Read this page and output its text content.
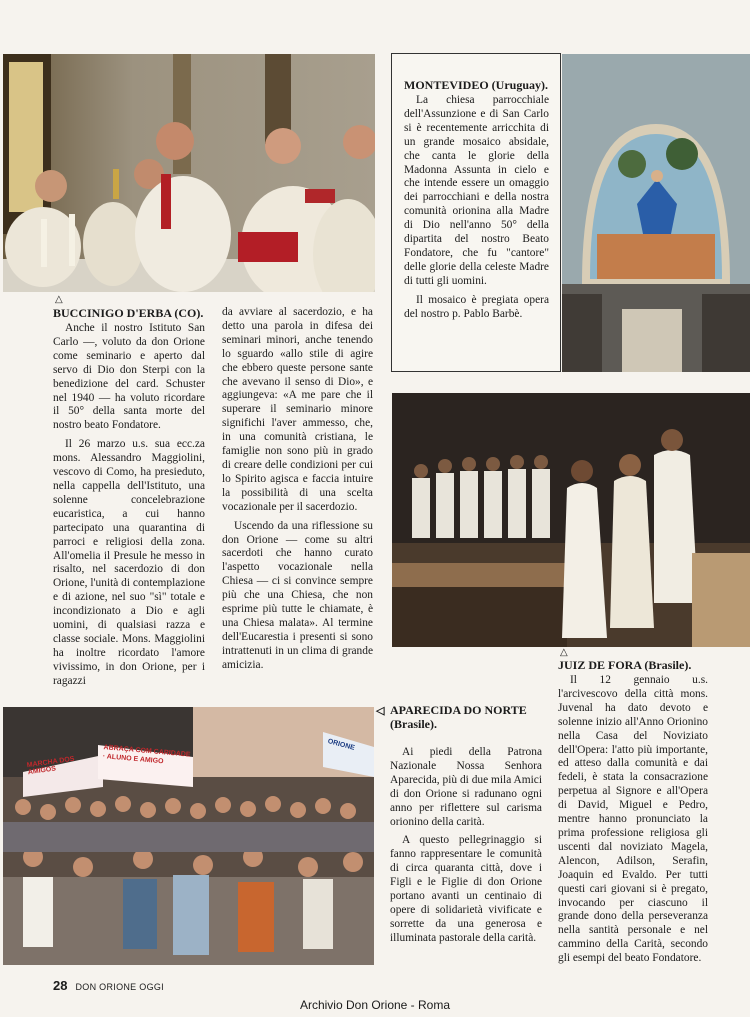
MARCHA DOS AMIGOS
ABRAÇA COM CARIDADE · ALUNO E AMIGO
ORIONE
△
BUCCINIGO D'ERBA (CO).

Anche il nostro Istituto San Carlo —, voluto da don Orione come seminario e aperto dal servo di Dio don Sterpi con la benedizione del card. Schuster nel 1940 — ha voluto ricordare il 50° della santa morte del nostro beato Fondatore.

Il 26 marzo u.s. sua ecc.za mons. Alessandro Maggiolini, vescovo di Como, ha presieduto, nella cappella dell'Istituto, una solenne concelebrazione eucaristica, a cui hanno partecipato una quarantina di parroci e religiosi della zona. All'omelia il Presule he messo in risalto, nel sacerdozio di don Orione, l'unità di contemplazione e di azione, nel suo "sì" totale e incondizionato a Dio e agli uomini, di qualsiasi razza e classe sociale. Mons. Maggiolini ha inoltre ricordato l'amore vivissimo, in don Orione, per i ragazzi

da avviare al sacerdozio, e ha detto una parola in difesa dei seminari minori, anche tenendo lo sguardo «allo stile di agire che ebbero queste persone sante che avevano il senso di Dio», e aggiungeva: «A me pare che il superare il seminario minore significhi l'aver ammesso, che, in una comunità cristiana, le famiglie non sono più in grado di creare delle condizioni per cui lo Spirito agisca e faccia intuire la possibilità di una scelta vocazionale per il sacerdozio.

Uscendo da una riflessione su don Orione — come su altri sacerdoti che hanno curato l'aspetto vocazionale nella Chiesa — ci si convince sempre più che una Chiesa, che non esprime più tutte le chiamate, è una Chiesa malata». Al termine dell'Eucarestia i presenti si sono intrattenuti in un clima di grande amicizia.

MONTEVIDEO (Uruguay).

La chiesa parrocchiale dell'Assunzione e di San Carlo si è recentemente arricchita di un grande mosaico absidale, che canta le glorie della Madonna Assunta in cielo e che intende essere un omaggio dei parrocchiani e della nostra comunità orionina alla Madre di Dio nell'anno 50° della dipartita del nostro Beato Fondatore, che fu "cantore" delle glorie della celeste Madre di tutti gli uomini.

Il mosaico è pregiata opera del nostro p. Pablo Barbè.

◁ APARECIDA DO NORTE
(Brasile).

Ai piedi della Patrona Nazionale Nossa Senhora Aparecida, più di due mila Amici di don Orione si radunano ogni anno per riflettere sul carisma orionino della carità.

A questo pellegrinaggio si fanno rappresentare le comunità di circa quaranta città, dove i Figli e le Figlie di don Orione portano avanti un centinaio di opere di solidarietà vivificate e sorrette da una generosa e illuminata pastorale della carità.

△
JUIZ DE FORA (Brasile).

Il 12 gennaio u.s. l'arcivescovo della città mons. Juvenal ha dato devoto e solenne inizio all'Anno Orionino nella Casa del Noviziato dell'Opera: l'atto più importante, ed atteso dalla comunità e dai fedeli, è stata la consacrazione perpetua al Signore e all'Opera di David, Miguel e Pedro, mentre hanno pronunciato la prima professione religiosa gli uscenti dal noviziato Magela, Alencon, Adilson, Serafin, Joaquin ed Evaldo. Per tutti questi cari giovani si è pregato, invocando per ciascuno il grande dono della perseveranza nella santità personale e nel cammino della Carità, secondo gli esempi del beato Fondatore.

28 DON ORIONE OGGI
Archivio Don Orione - Roma
